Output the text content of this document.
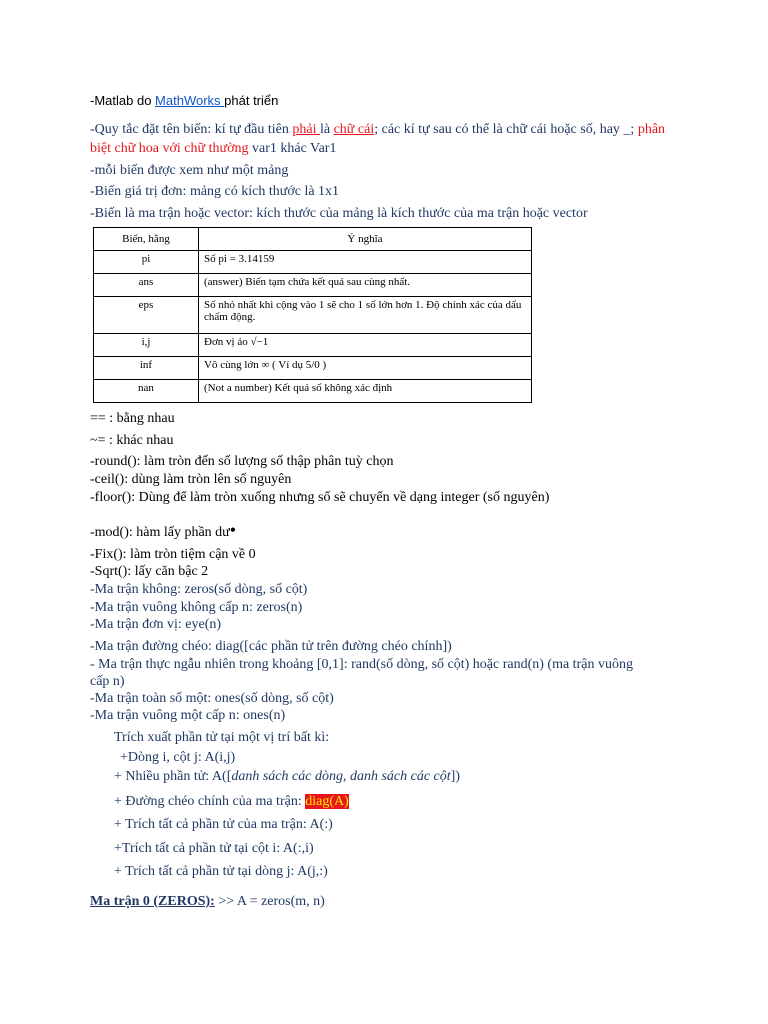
-Matlab do MathWorks phát triển
-Quy tắc đặt tên biến: kí tự đầu tiên phải là chữ cái; các kí tự sau có thể là chữ cái hoặc số, hay _; phân
biệt chữ hoa với chữ thường var1 khác Var1
-mỗi biến được xem như một mảng
-Biến giá trị đơn: mảng có kích thước là 1x1
-Biến là ma trận hoặc vector: kích thước của mảng là kích thước của ma trận hoặc vector
Biến, hằng	Ý nghĩa
pi	Số pi = 3.14159
ans	(answer) Biến tạm chứa kết quả sau cùng nhất.
eps	Số nhỏ nhất khi cộng vào 1 sẽ cho 1 số lớn hơn 1. Độ chính xác của dấu chấm động.
i,j	Đơn vị ảo √−1
inf	Vô cùng lớn ∞ ( Ví dụ 5/0 )
nan	(Not a number) Kết quả số không xác định
== : bằng nhau
~= : khác nhau
-round(): làm tròn đến số lượng số thập phân tuỳ chọn
-ceil(): dùng làm tròn lên số nguyên
-floor(): Dùng để làm tròn xuống nhưng số sẽ chuyển về dạng integer (số nguyên)
-mod(): hàm lấy phần dư•
-Fix(): làm tròn tiệm cận về 0
-Sqrt(): lấy căn bậc 2
-Ma trận không: zeros(số dòng, số cột)
-Ma trận vuông không cấp n: zeros(n)
-Ma trận đơn vị: eye(n)
-Ma trận đường chéo: diag([các phần tử trên đường chéo chính])
- Ma trận thực ngẫu nhiên trong khoảng [0,1]: rand(số dòng, số cột) hoặc rand(n) (ma trận vuông
cấp n)
-Ma trận toàn số một: ones(số dòng, số cột)
-Ma trận vuông một cấp n: ones(n)
Trích xuất phần tử tại một vị trí bất kì:
+Dòng i, cột j: A(i,j)
+ Nhiều phần tử: A([danh sách các dòng, danh sách các cột])
+ Đường chéo chính của ma trận: diag(A)
+ Trích tất cả phần tử của ma trận: A(:)
+Trích tất cả phần tử tại cột i: A(:,i)
+ Trích tất cả phần tử tại dòng j: A(j,:)
Ma trận 0 (ZEROS): >> A = zeros(m, n)
